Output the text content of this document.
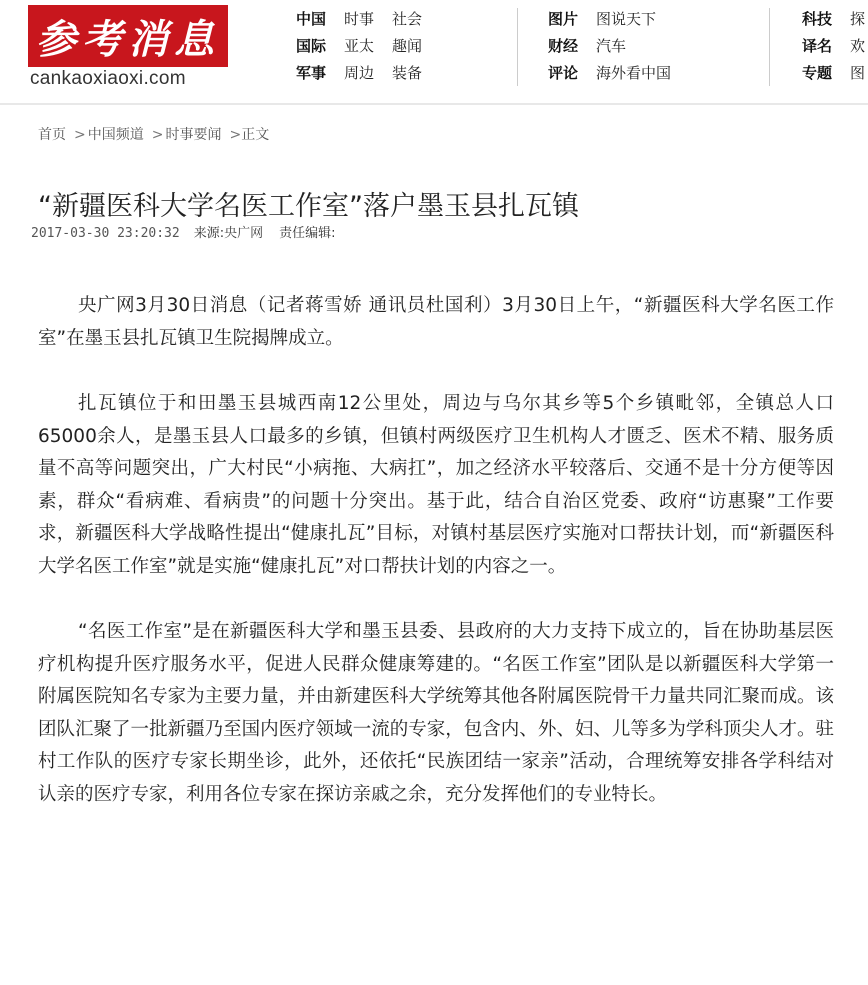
参考消息
cankaoxiaoxi.com
中国 时事 社会
国际 亚太 趣闻
军事 周边 装备
图片 图说天下
财经 汽车
评论 海外看中国
科技 探
译名 欢
专题 图
首页 > 中国频道 > 时事要闻 >正文
“新疆医科大学名医工作室”落户墨玉县扎瓦镇
2017-03-30 23:20:32 来源:央广网 责任编辑:

央广网3月30日消息（记者蒋雪娇 通讯员杜国利）3月30日上午，“新疆医科大学名医工作室”在墨玉县扎瓦镇卫生院揭牌成立。

扎瓦镇位于和田墨玉县城西南12公里处，周边与乌尔其乡等5个乡镇毗邻，全镇总人口65000余人，是墨玉县人口最多的乡镇，但镇村两级医疗卫生机构人才匮乏、医术不精、服务质量不高等问题突出，广大村民“小病拖、大病扛”，加之经济水平较落后、交通不是十分方便等因素，群众“看病难、看病贵”的问题十分突出。基于此，结合自治区党委、政府“访惠聚”工作要求，新疆医科大学战略性提出“健康扎瓦”目标，对镇村基层医疗实施对口帮扶计划，而“新疆医科大学名医工作室”就是实施“健康扎瓦”对口帮扶计划的内容之一。

“名医工作室”是在新疆医科大学和墨玉县委、县政府的大力支持下成立的，旨在协助基层医疗机构提升医疗服务水平，促进人民群众健康筹建的。“名医工作室”团队是以新疆医科大学第一附属医院知名专家为主要力量，并由新建医科大学统筹其他各附属医院骨干力量共同汇聚而成。该团队汇聚了一批新疆乃至国内医疗领域一流的专家，包含内、外、妇、儿等多为学科顶尖人才。驻村工作队的医疗专家长期坐诊，此外，还依托“民族团结一家亲”活动，合理统筹安排各学科结对认亲的医疗专家，利用各位专家在探访亲戚之余，充分发挥他们的专业特长。
